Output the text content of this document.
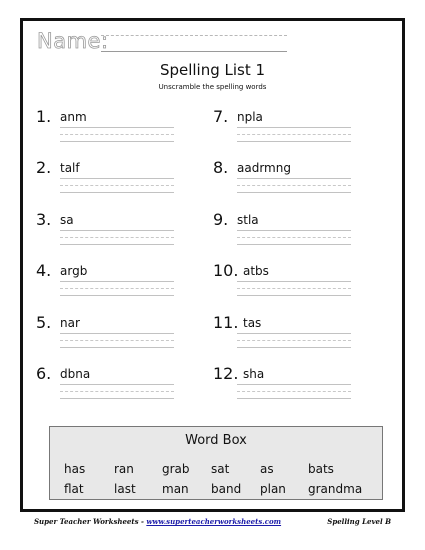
Name:
Spelling List 1
Unscramble the spelling words
1. anm
2. talf
3. sa
4. argb
5. nar
6. dbna
7. npla
8. aadrmng
9. stla
10. atbs
11. tas
12. sha
Word Box
has ran grab sat	as	bats
flat	last man band plan grandma
Super Teacher Worksheets - www.superteacherworksheets.com	Spelling Level B
